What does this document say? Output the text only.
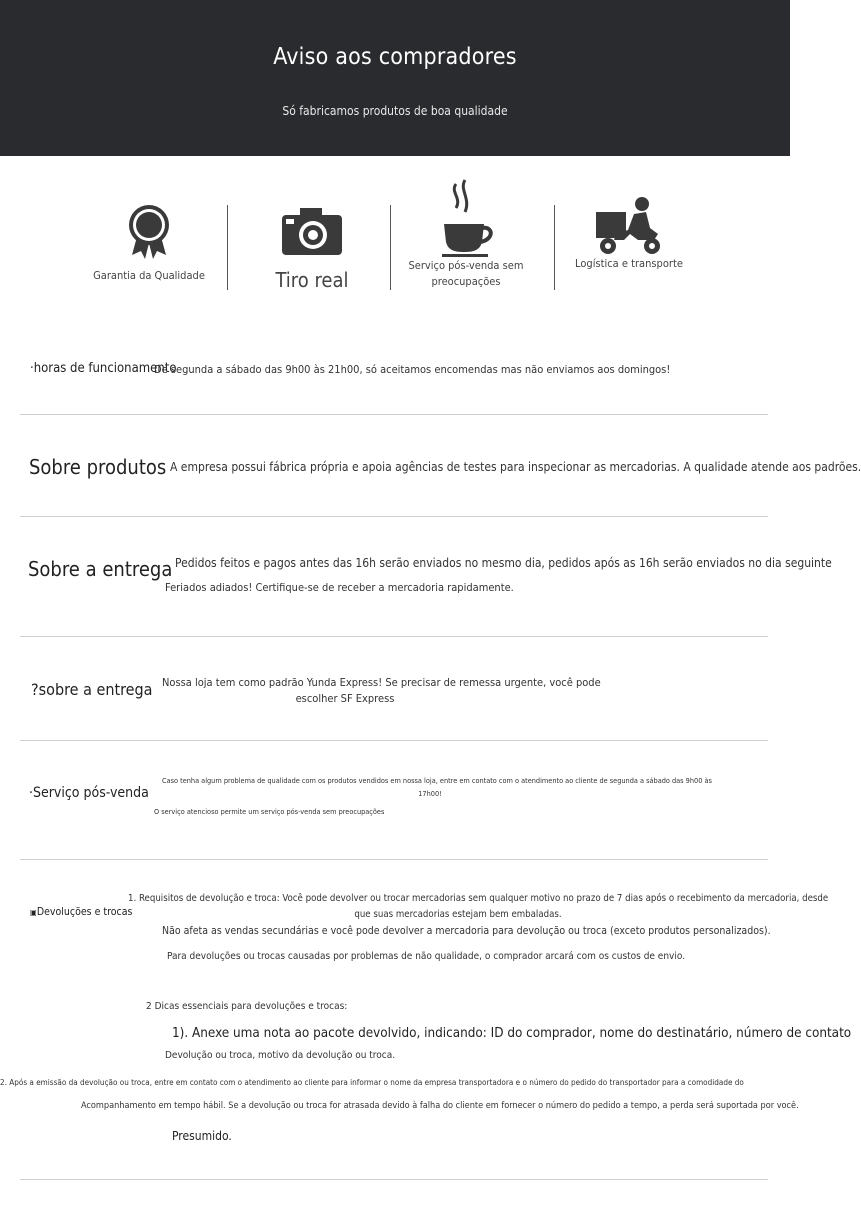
Aviso aos compradores
Só fabricamos produtos de boa qualidade
Garantia da Qualidade	Tiro real
Serviço pós-venda sem preocupações
Logística e transporte
·horas de funcionamento
De segunda a sábado das 9h00 às 21h00, só aceitamos encomendas mas não enviamos aos domingos!
Sobre produtos A empresa possui fábrica própria e apoia agências de testes para inspecionar as mercadorias. A qualidade atende aos padrões.
Sobre a entrega Pedidos feitos e pagos antes das 16h serão enviados no mesmo dia, pedidos após as 16h serão enviados no dia seguinte
Feriados adiados! Certifique-se de receber a mercadoria rapidamente.
?sobre a entrega Nossa loja tem como padrão Yunda Express! Se precisar de remessa urgente, você pode
escolher SF Express
·Serviço pós-venda
Caso tenha algum problema de qualidade com os produtos vendidos em nossa loja, entre em contato com o atendimento ao cliente de segunda a sábado das 9h00 às
17h00!
O serviço atencioso permite um serviço pós-venda sem preocupações
▣Devoluções e trocas
1. Requisitos de devolução e troca: Você pode devolver ou trocar mercadorias sem qualquer motivo no prazo de 7 dias após o recebimento da mercadoria, desde
que suas mercadorias estejam bem embaladas.
Não afeta as vendas secundárias e você pode devolver a mercadoria para devolução ou troca (exceto produtos personalizados).
Para devoluções ou trocas causadas por problemas de não qualidade, o comprador arcará com os custos de envio.
2 Dicas essenciais para devoluções e trocas:
1). Anexe uma nota ao pacote devolvido, indicando: ID do comprador, nome do destinatário, número de contato
Devolução ou troca, motivo da devolução ou troca.
2. Após a emissão da devolução ou troca, entre em contato com o atendimento ao cliente para informar o nome da empresa transportadora e o número do pedido do transportador para a comodidade do
Acompanhamento em tempo hábil. Se a devolução ou troca for atrasada devido à falha do cliente em fornecer o número do pedido a tempo, a perda será suportada por você.
Presumido.
